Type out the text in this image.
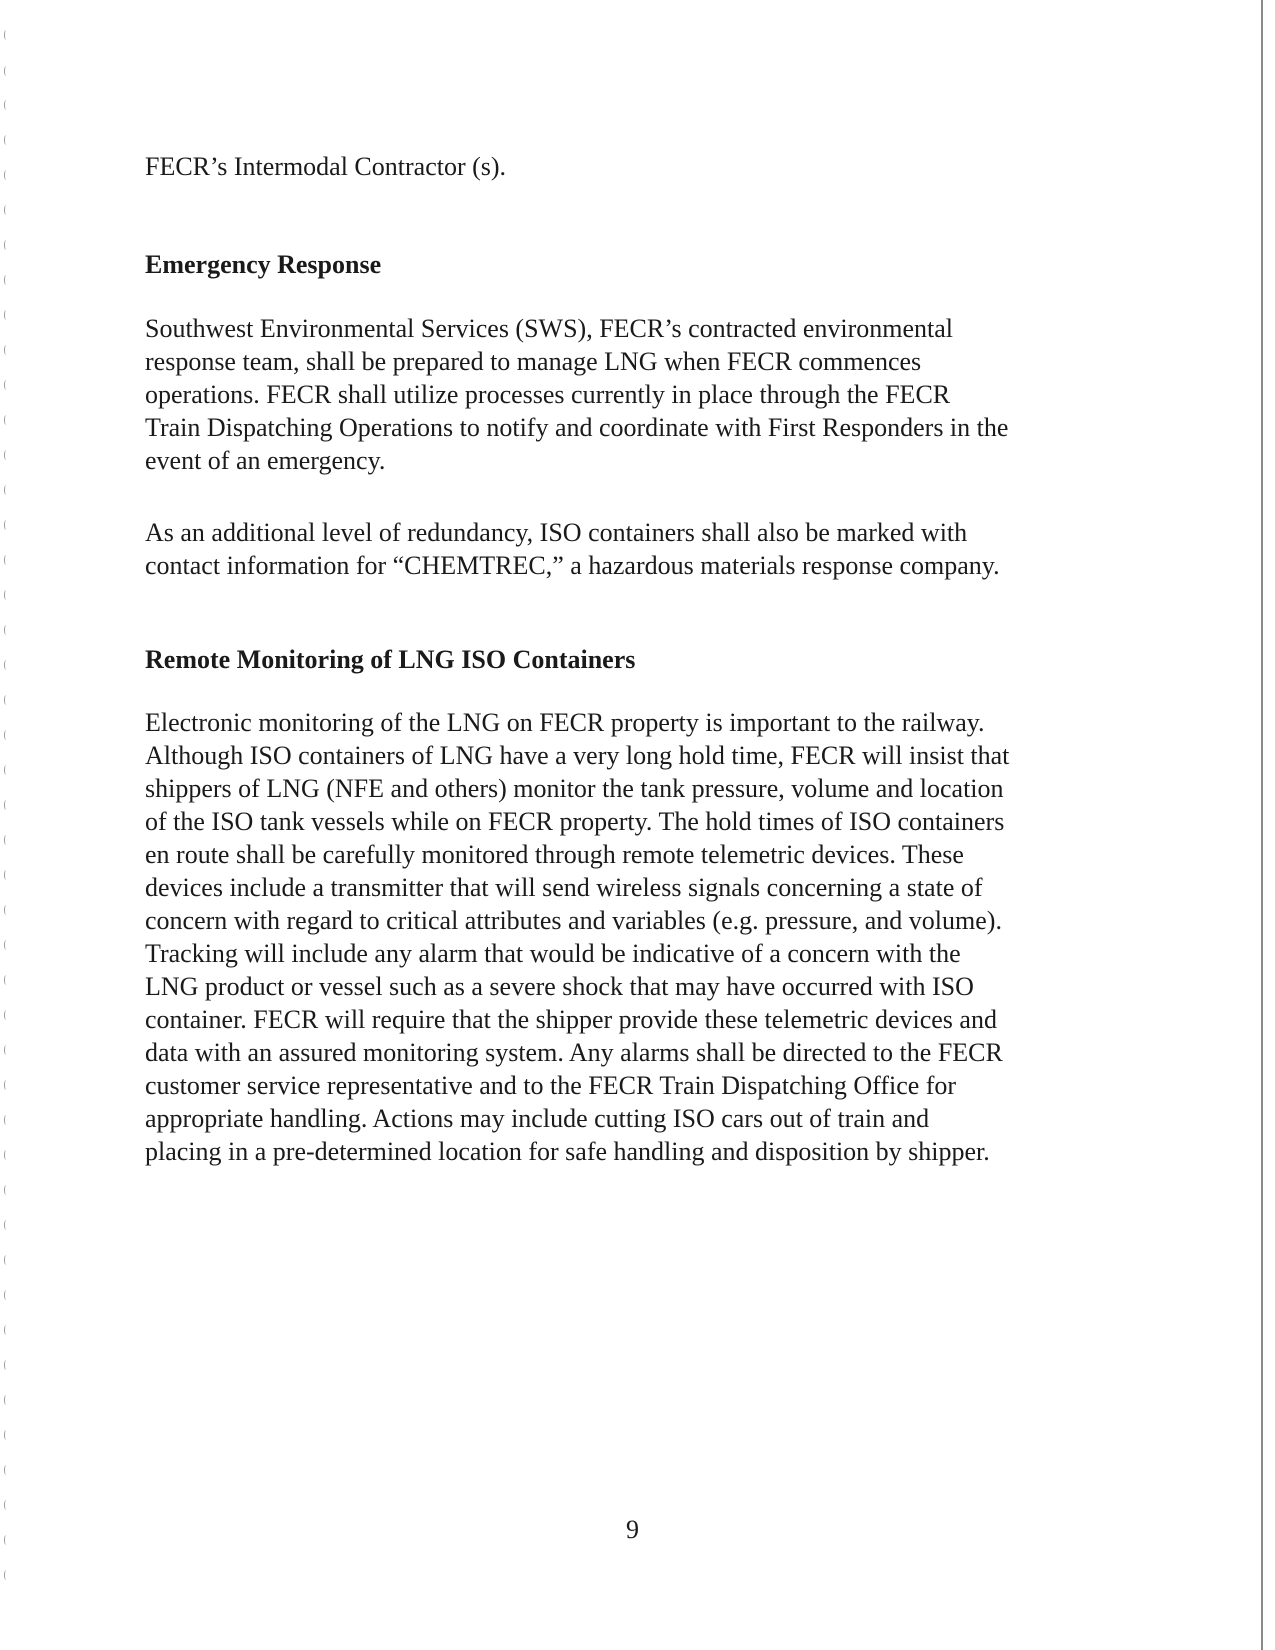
FECR’s Intermodal Contractor (s).

Emergency Response

Southwest Environmental Services (SWS), FECR’s contracted environmental
response team, shall be prepared to manage LNG when FECR commences
operations. FECR shall utilize processes currently in place through the FECR
Train Dispatching Operations to notify and coordinate with First Responders in the
event of an emergency.

As an additional level of redundancy, ISO containers shall also be marked with
contact information for “CHEMTREC,” a hazardous materials response company.

Remote Monitoring of LNG ISO Containers

Electronic monitoring of the LNG on FECR property is important to the railway.
Although ISO containers of LNG have a very long hold time, FECR will insist that
shippers of LNG (NFE and others) monitor the tank pressure, volume and location
of the ISO tank vessels while on FECR property. The hold times of ISO containers
en route shall be carefully monitored through remote telemetric devices. These
devices include a transmitter that will send wireless signals concerning a state of
concern with regard to critical attributes and variables (e.g. pressure, and volume).
Tracking will include any alarm that would be indicative of a concern with the
LNG product or vessel such as a severe shock that may have occurred with ISO
container. FECR will require that the shipper provide these telemetric devices and
data with an assured monitoring system. Any alarms shall be directed to the FECR
customer service representative and to the FECR Train Dispatching Office for
appropriate handling. Actions may include cutting ISO cars out of train and
placing in a pre-determined location for safe handling and disposition by shipper.

9
